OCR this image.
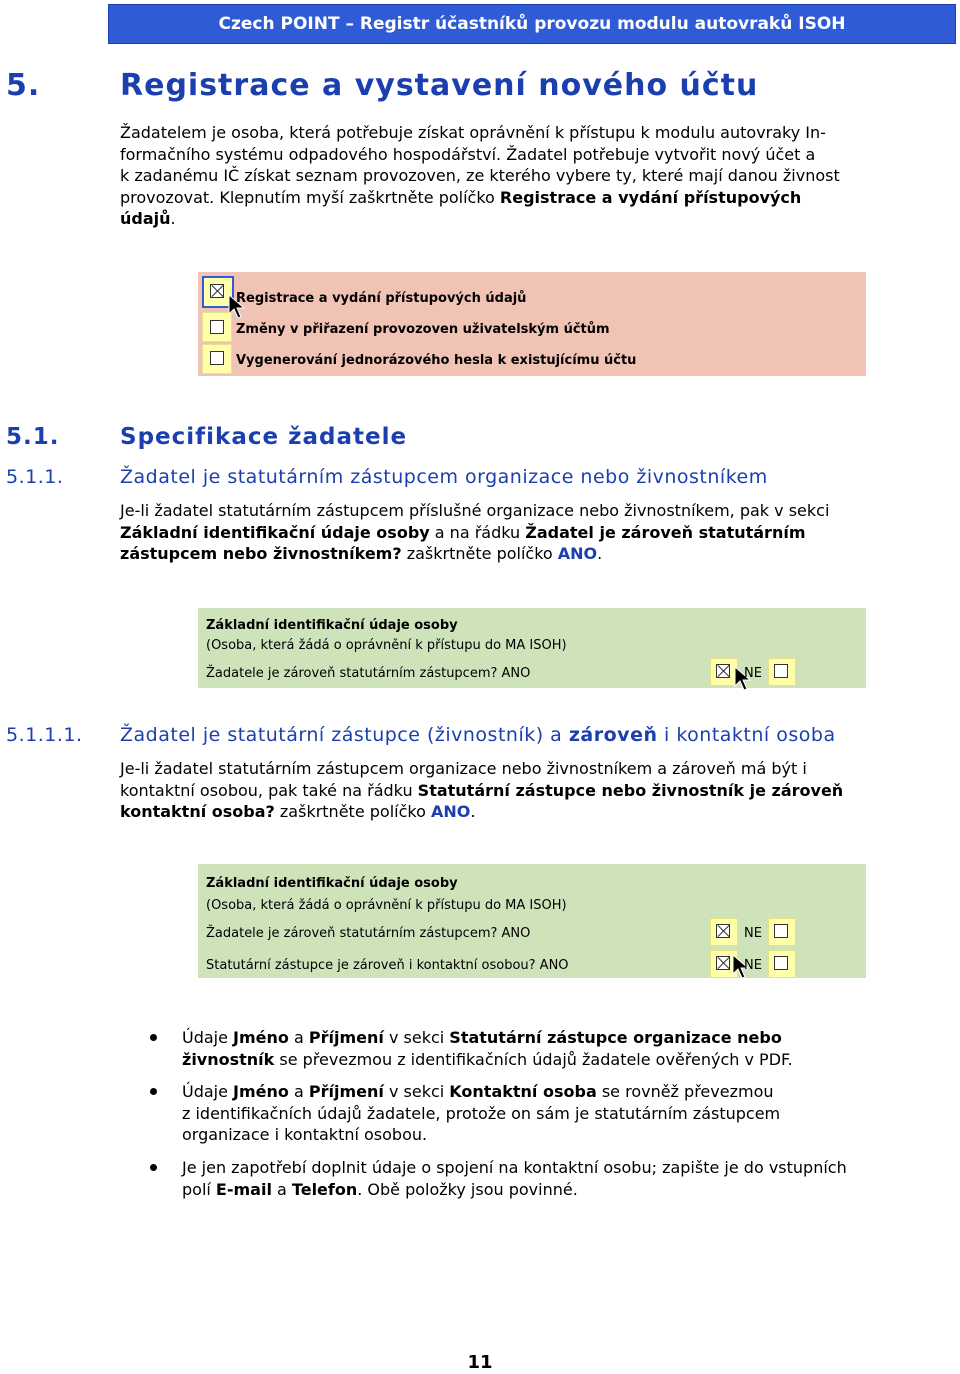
Czech POINT – Registr účastníků provozu modulu autovraků ISOH
5.	Registrace a vystavení nového účtu
Žadatelem je osoba, která potřebuje získat oprávnění k přístupu k modulu autovraky In-
formačního systému odpadového hospodářství. Žadatel potřebuje vytvořit nový účet a
k zadanému IČ získat seznam provozoven, ze kterého vybere ty, které mají danou živnost
provozovat. Klepnutím myší zaškrtněte políčko Registrace a vydání přístupových
údajů.
Registrace a vydání přístupových údajů
Změny v přiřazení provozoven uživatelským účtům
Vygenerování jednorázového hesla k existujícímu účtu
5.1.	Specifikace žadatele
5.1.1.	Žadatel je statutárním zástupcem organizace nebo živnostníkem
Je-li žadatel statutárním zástupcem příslušné organizace nebo živnostníkem, pak v sekci
Základní identifikační údaje osoby a na řádku Žadatel je zároveň statutárním
zástupcem nebo živnostníkem? zaškrtněte políčko ANO.
Základní identifikační údaje osoby
(Osoba, která žádá o oprávnění k přístupu do MA ISOH)
Žadatele je zároveň statutárním zástupcem? ANO	NE
5.1.1.1. Žadatel je statutární zástupce (živnostník) a zároveň i kontaktní osoba
Je-li žadatel statutárním zástupcem organizace nebo živnostníkem a zároveň má být i
kontaktní osobou, pak také na řádku Statutární zástupce nebo živnostník je zároveň
kontaktní osoba? zaškrtněte políčko ANO.
Základní identifikační údaje osoby
(Osoba, která žádá o oprávnění k přístupu do MA ISOH)
Žadatele je zároveň statutárním zástupcem? ANO	NE
Statutární zástupce je zároveň i kontaktní osobou? ANO	NE
Údaje Jméno a Příjmení v sekci Statutární zástupce organizace nebo
živnostník se převezmou z identifikačních údajů žadatele ověřených v PDF.
Údaje Jméno a Příjmení v sekci Kontaktní osoba se rovněž převezmou
z identifikačních údajů žadatele, protože on sám je statutárním zástupcem
organizace i kontaktní osobou.
Je jen zapotřebí doplnit údaje o spojení na kontaktní osobu; zapište je do vstupních
polí E-mail a Telefon. Obě položky jsou povinné.
11
